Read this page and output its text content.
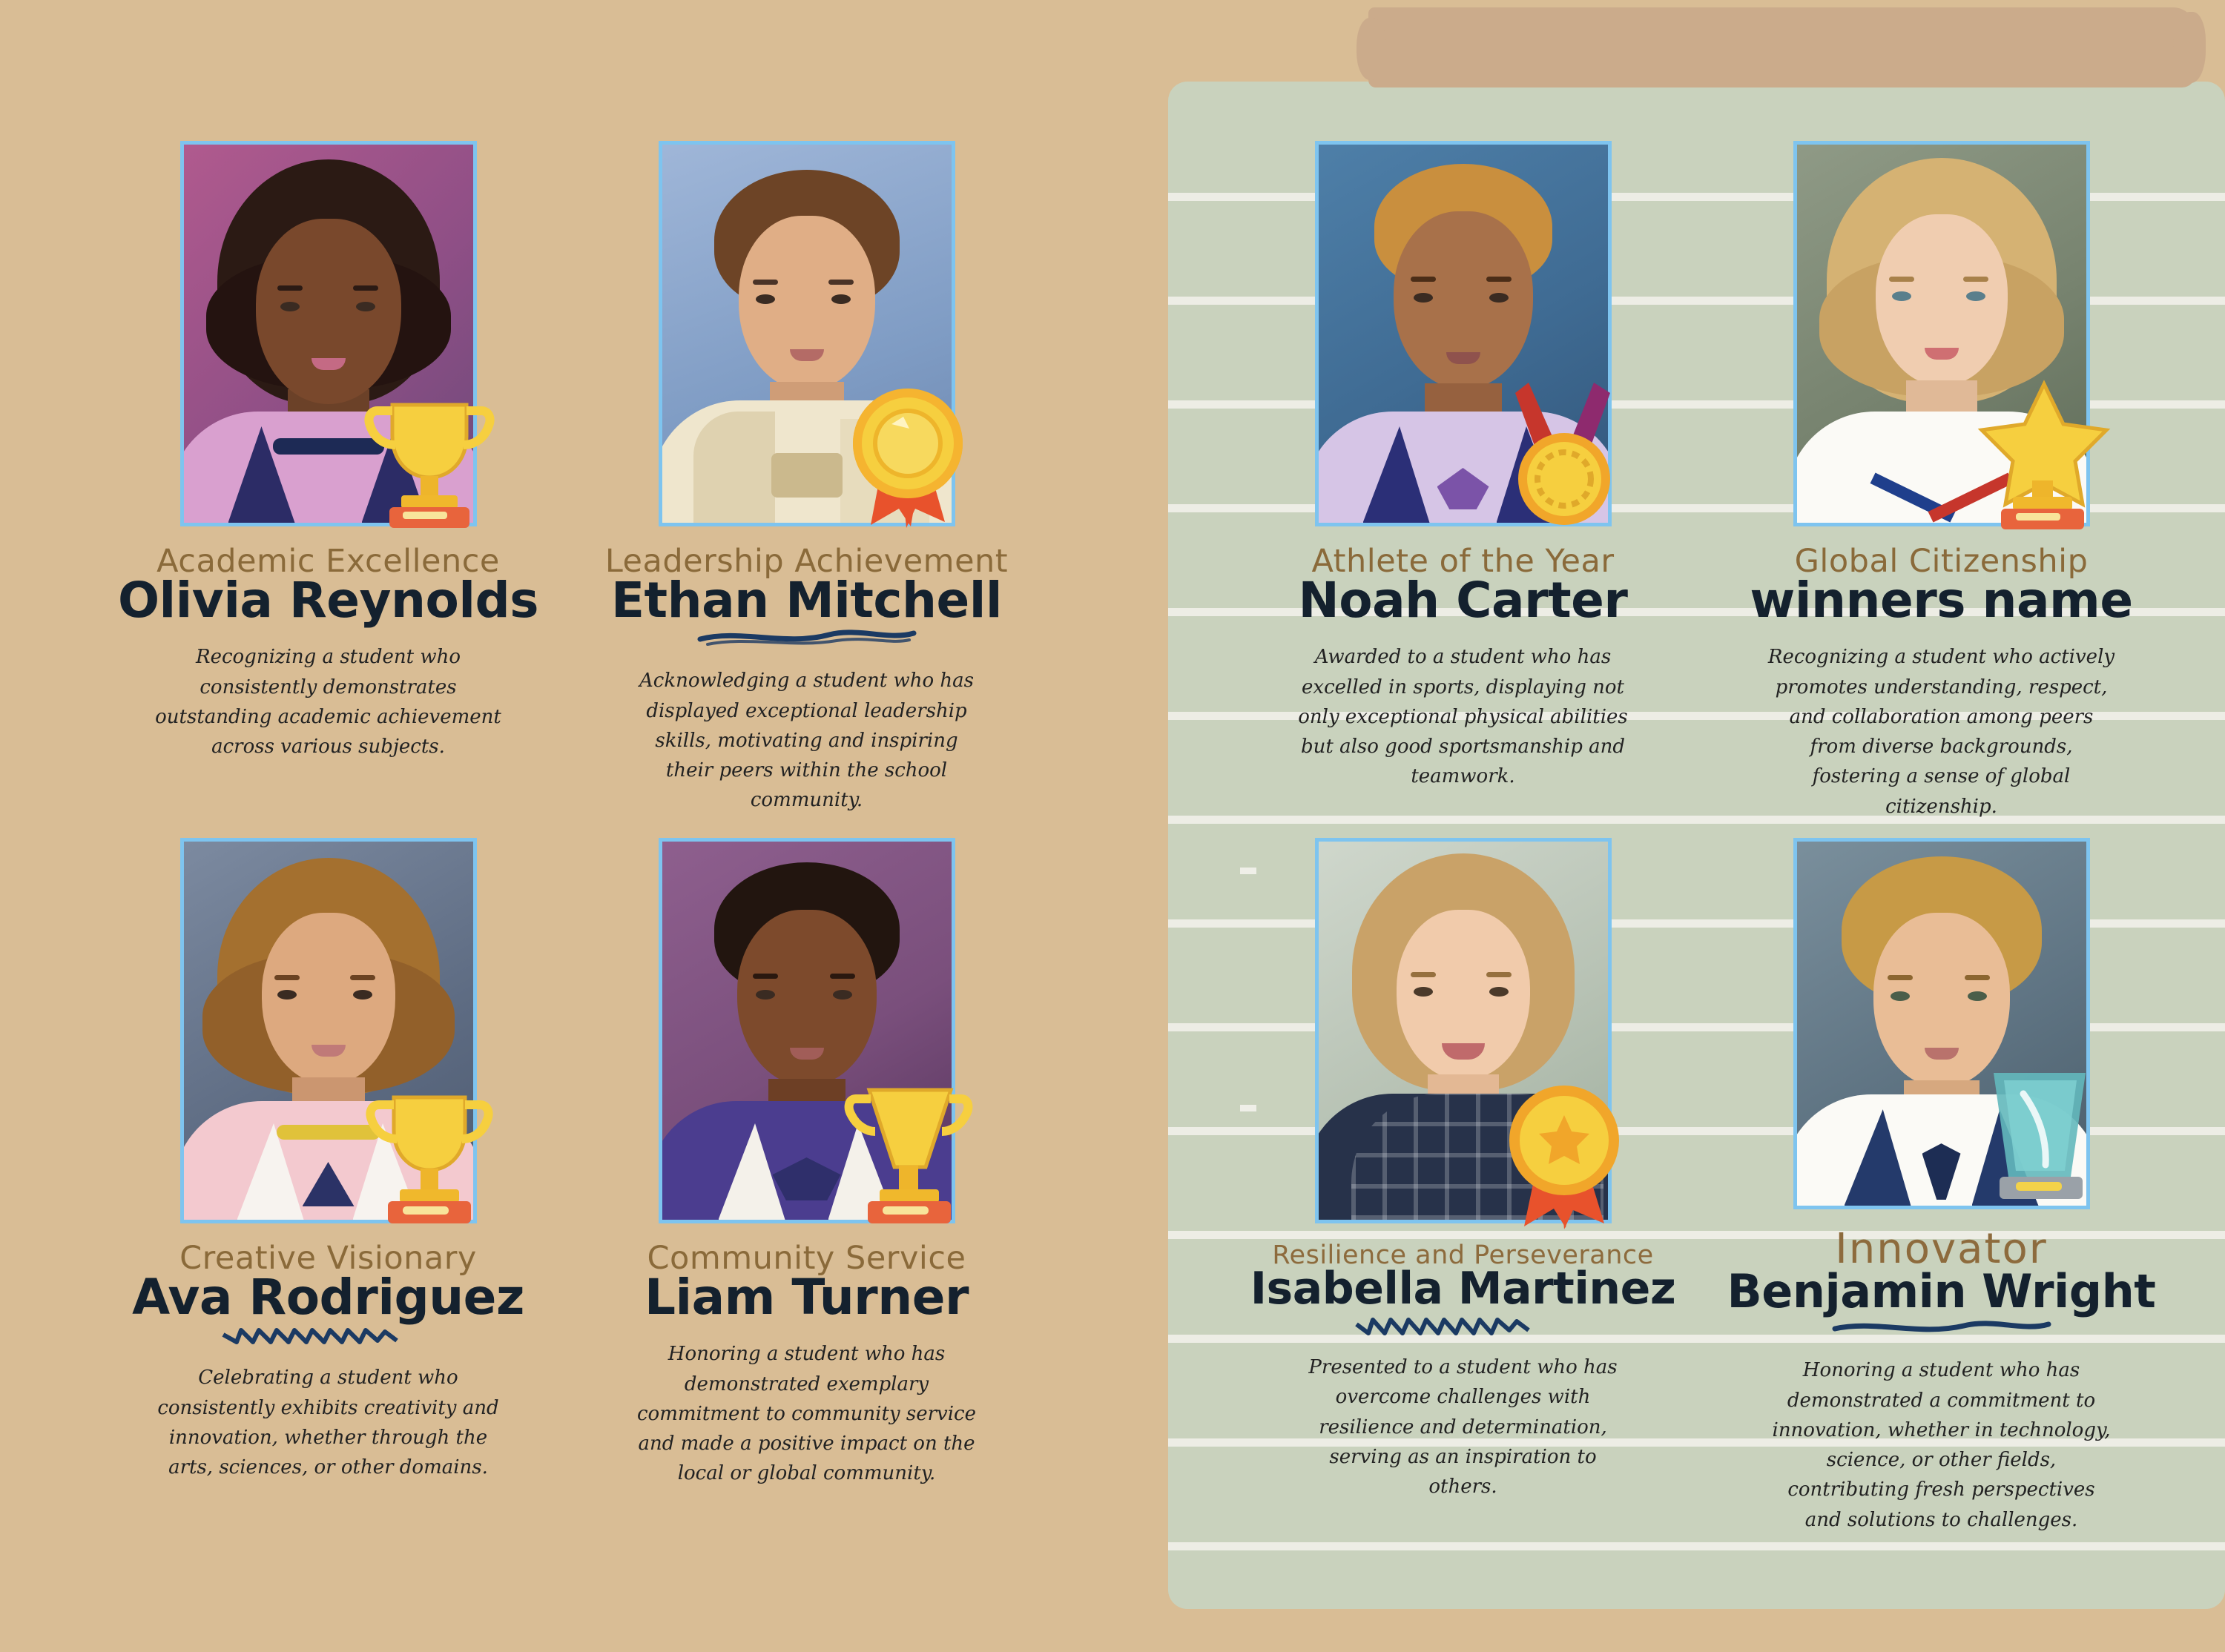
Academic Excellence
Olivia Reynolds
Recognizing a student who consistently demonstrates outstanding academic achievement across various subjects.
Leadership Achievement
Ethan Mitchell
Acknowledging a student who has displayed exceptional leadership skills, motivating and inspiring their peers within the school community.
Creative Visionary
Ava Rodriguez
Celebrating a student who consistently exhibits creativity and innovation, whether through the arts, sciences, or other domains.
Community Service
Liam Turner
Honoring a student who has demonstrated exemplary commitment to community service and made a positive impact on the local or global community.
Athlete of the Year
Noah Carter
Awarded to a student who has excelled in sports, displaying not only exceptional physical abilities but also good sportsmanship and teamwork.
Global Citizenship
winners name
Recognizing a student who actively promotes understanding, respect, and collaboration among peers from diverse backgrounds, fostering a sense of global citizenship.
Resilience and Perseverance
Isabella Martinez
Presented to a student who has overcome challenges with resilience and determination, serving as an inspiration to others.
Innovator
Benjamin Wright
Honoring a student who has demonstrated a commitment to innovation, whether in technology, science, or other fields, contributing fresh perspectives and solutions to challenges.
